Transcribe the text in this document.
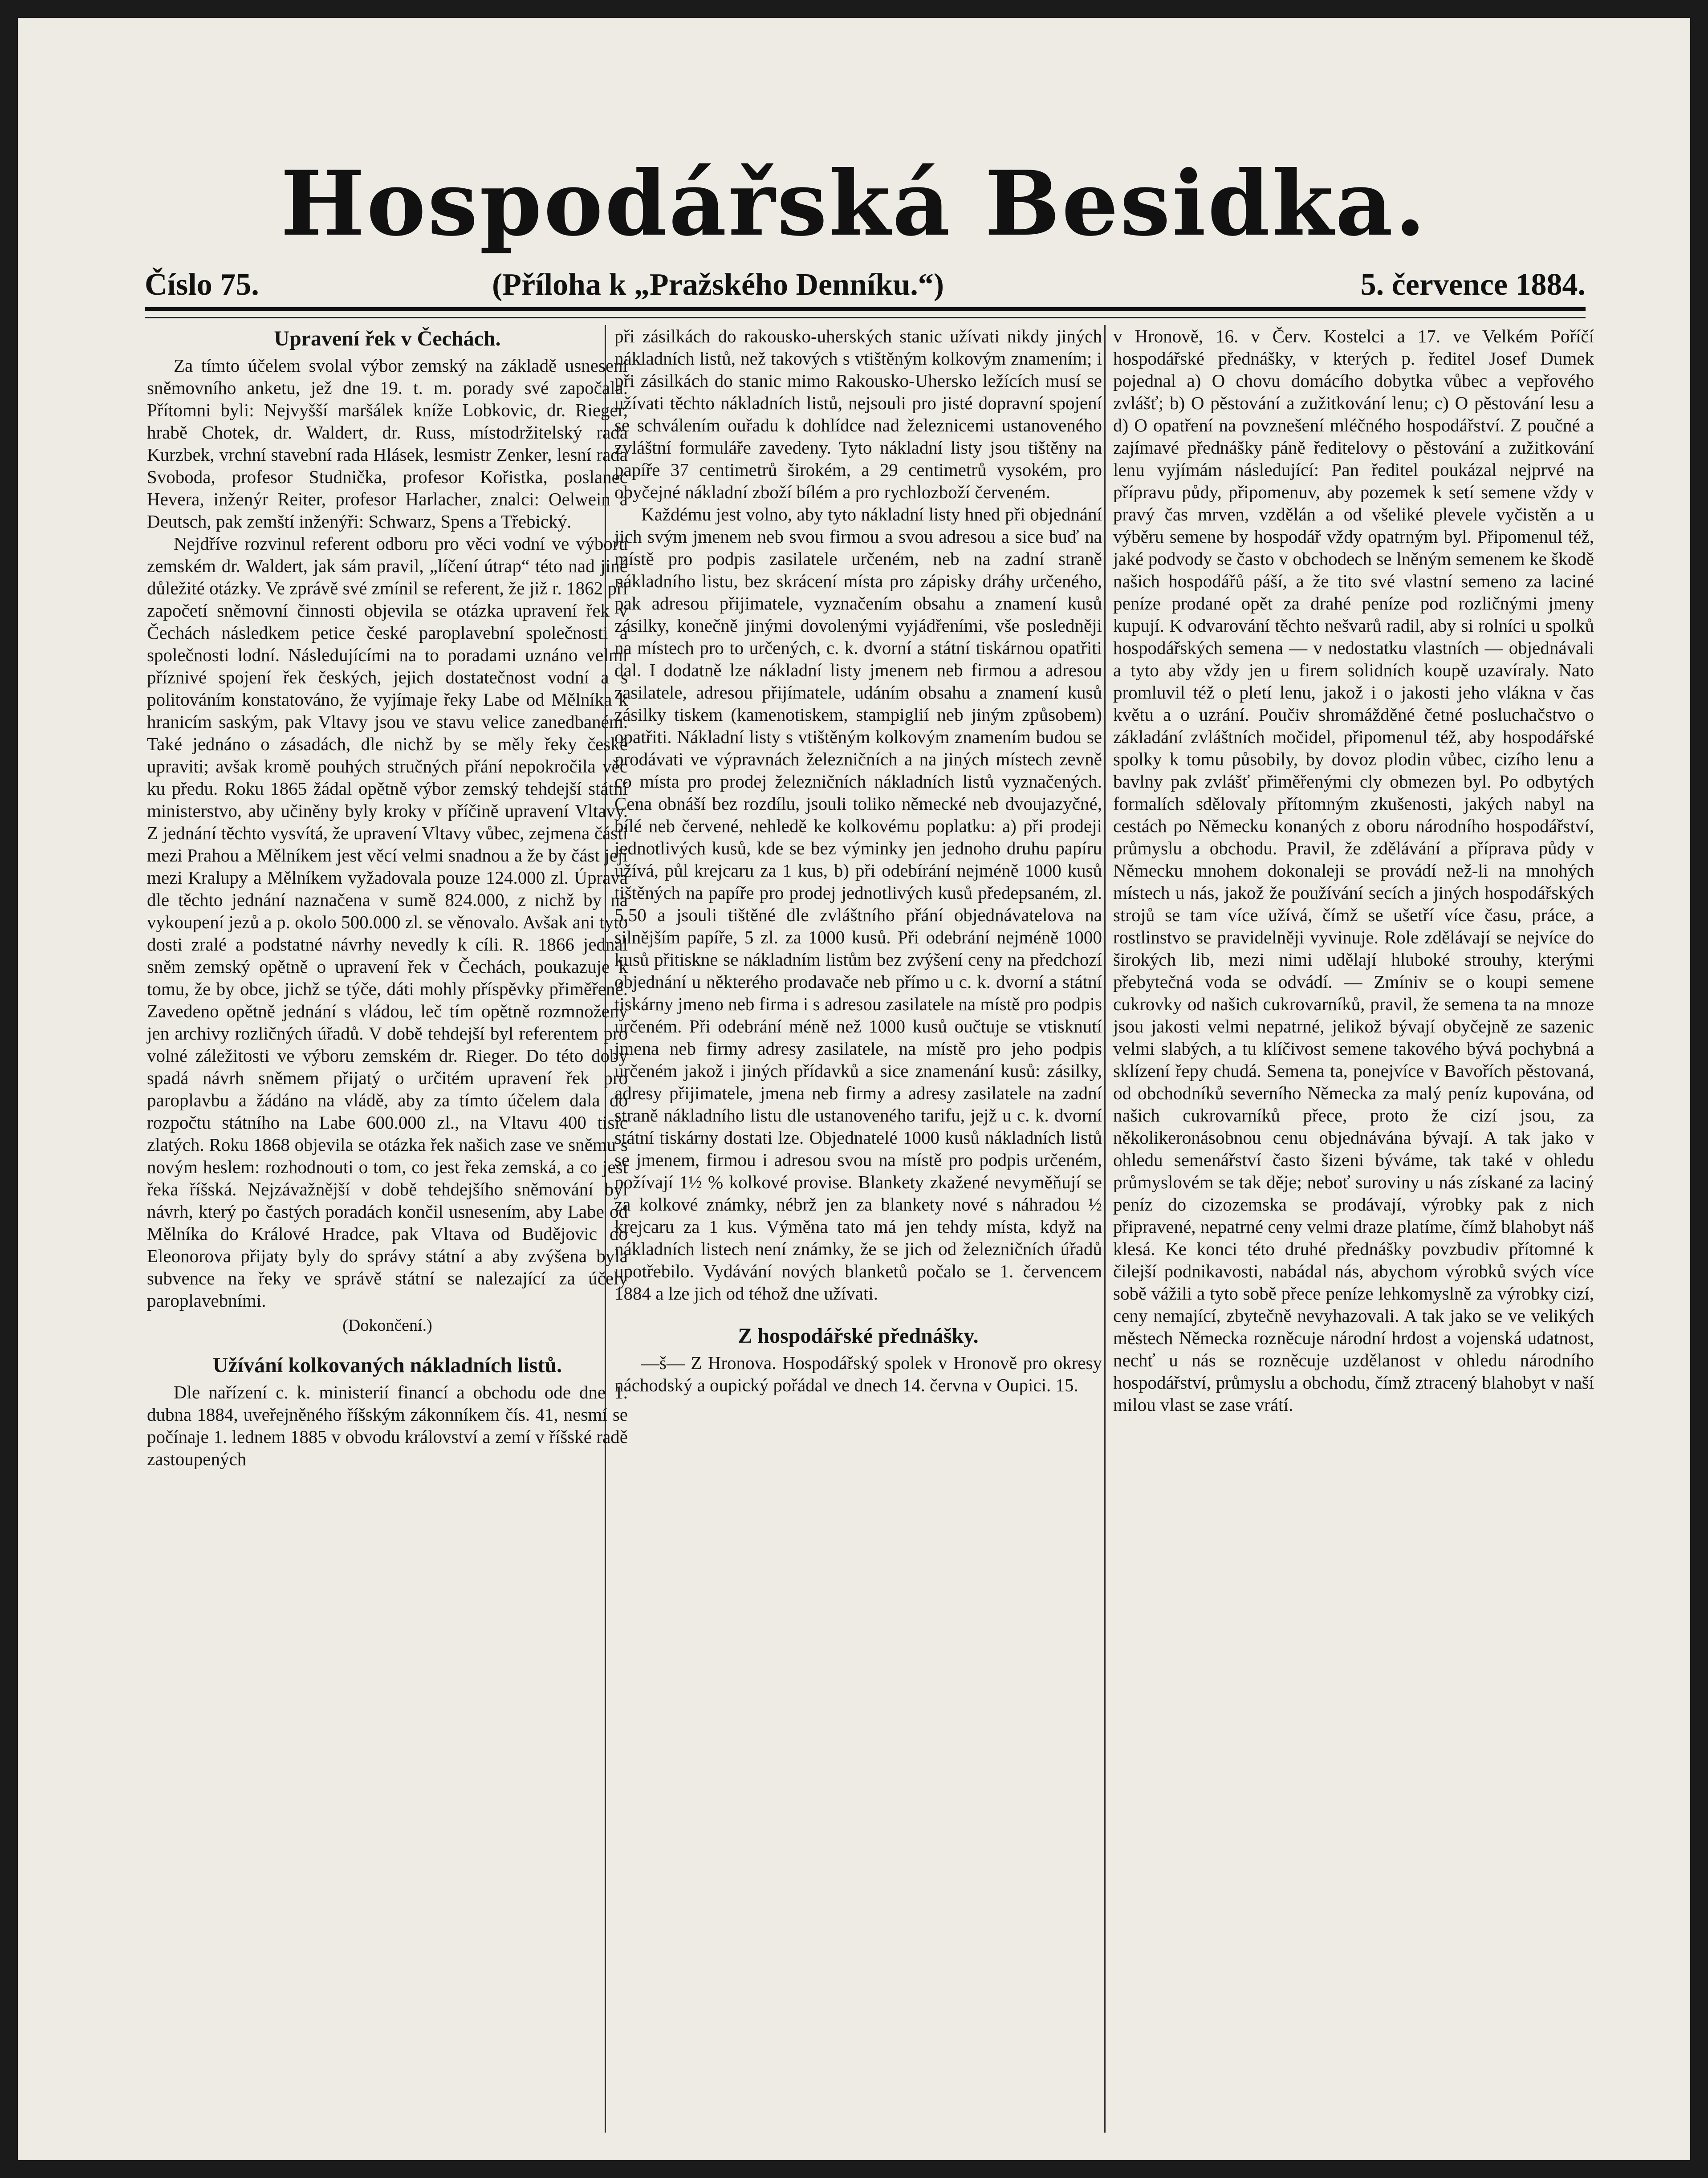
Hospodářská Besidka.
Číslo 75.	(Příloha k „Pražského Denníku.“)	5. července 1884.
Upravení řek v Čechách.

Za tímto účelem svolal výbor zemský na základě usnesení sněmovního anketu, jež dne 19. t. m. porady své započala. Přítomni byli: Nejvyšší maršálek kníže Lobkovic, dr. Rieger, hrabě Chotek, dr. Waldert, dr. Russ, místodržitelský rada Kurzbek, vrchní stavební rada Hlásek, lesmistr Zenker, lesní rada Svoboda, profesor Studnička, profesor Kořistka, poslanec Hevera, inženýr Reiter, profesor Harlacher, znalci: Oelwein a Deutsch, pak zemští inženýři: Schwarz, Spens a Třebický.

Nejdříve rozvinul referent odboru pro věci vodní ve výboru zemském dr. Waldert, jak sám pravil, „líčení útrap“ této nad jiné důležité otázky. Ve zprávě své zmínil se referent, že již r. 1862 při započetí sněmovní činnosti objevila se otázka upravení řek v Čechách následkem petice české paroplavební společnosti a společnosti lodní. Následujícími na to poradami uznáno velmi příznivé spojení řek českých, jejich dostatečnost vodní a s politováním konstatováno, že vyjímaje řeky Labe od Mělníka k hranicím saským, pak Vltavy jsou ve stavu velice zanedbaném. Také jednáno o zásadách, dle nichž by se měly řeky české upraviti; avšak kromě pouhých stručných přání nepokročila věc ku předu. Roku 1865 žádal opětně výbor zemský tehdejší státní ministerstvo, aby učiněny byly kroky v příčině upravení Vltavy. Z jednání těchto vysvítá, že upravení Vltavy vůbec, zejmena části mezi Prahou a Mělníkem jest věcí velmi snadnou a že by část její mezi Kralupy a Mělníkem vyžadovala pouze 124.000 zl. Úprava dle těchto jednání naznačena v sumě 824.000, z nichž by na vykoupení jezů a p. okolo 500.000 zl. se věnovalo. Avšak ani tyto dosti zralé a podstatné návrhy nevedly k cíli. R. 1866 jednal sněm zemský opětně o upravení řek v Čechách, poukazuje k tomu, že by obce, jichž se týče, dáti mohly příspěvky přiměřené. Zavedeno opětně jednání s vládou, leč tím opětně rozmnoženy jen archivy rozličných úřadů. V době tehdejší byl referentem pro volné záležitosti ve výboru zemském dr. Rieger. Do této doby spadá návrh sněmem přijatý o určitém upravení řek pro paroplavbu a žádáno na vládě, aby za tímto účelem dala do rozpočtu státního na Labe 600.000 zl., na Vltavu 400 tisíc zlatých. Roku 1868 objevila se otázka řek našich zase ve sněmu s novým heslem: rozhodnouti o tom, co jest řeka zemská, a co jest řeka říšská. Nejzávažnější v době tehdejšího sněmování byl návrh, který po častých poradách končil usnesením, aby Labe od Mělníka do Králové Hradce, pak Vltava od Budějovic do Eleonorova přijaty byly do správy státní a aby zvýšena byla subvence na řeky ve správě státní se nalezající za účely paroplavebními.

(Dokončení.)
Užívání kolkovaných nákladních listů.

Dle nařízení c. k. ministerií financí a obchodu ode dne 1. dubna 1884, uveřejněného říšským zákonníkem čís. 41, nesmí se počínaje 1. lednem 1885 v obvodu království a zemí v říšské radě zastoupených

při zásilkách do rakousko-uherských stanic užívati nikdy jiných nákladních listů, než takových s vtištěným kolkovým znamením; i při zásilkách do stanic mimo Rakousko-Uhersko ležících musí se užívati těchto nákladních listů, nejsouli pro jisté dopravní spojení se schválením ouřadu k dohlídce nad železnicemi ustanoveného zvláštní formuláře zavedeny. Tyto nákladní listy jsou tištěny na papíře 37 centimetrů širokém, a 29 centimetrů vysokém, pro obyčejné nákladní zboží bílém a pro rychlozboží červeném.

Každému jest volno, aby tyto nákladní listy hned při objednání jich svým jmenem neb svou firmou a svou adresou a sice buď na místě pro podpis zasilatele určeném, neb na zadní straně nákladního listu, bez skrácení místa pro zápisky dráhy určeného, pak adresou přijimatele, vyznačením obsahu a znamení kusů zásilky, konečně jinými dovolenými vyjádřeními, vše posledněji na místech pro to určených, c. k. dvorní a státní tiskárnou opatřiti dal. I dodatně lze nákladní listy jmenem neb firmou a adresou zasilatele, adresou přijímatele, udáním obsahu a znamení kusů zásilky tiskem (kamenotiskem, stampiglií neb jiným způsobem) opatřiti. Nákladní listy s vtištěným kolkovým znamením budou se prodávati ve výpravnách železničních a na jiných místech zevně co místa pro prodej železničních nákladních listů vyznačených. Cena obnáší bez rozdílu, jsouli toliko německé neb dvoujazyčné, bílé neb červené, nehledě ke kolkovému poplatku: a) při prodeji jednotlivých kusů, kde se bez výminky jen jednoho druhu papíru užívá, půl krejcaru za 1 kus, b) při odebírání nejméně 1000 kusů tištěných na papíře pro prodej jednotlivých kusů předepsaném, zl. 5.50 a jsouli tištěné dle zvláštního přání objednávatelova na silnějším papíře, 5 zl. za 1000 kusů. Při odebrání nejméně 1000 kusů přitiskne se nákladním listům bez zvýšení ceny na předchozí objednání u některého prodavače neb přímo u c. k. dvorní a státní tiskárny jmeno neb firma i s adresou zasilatele na místě pro podpis určeném. Při odebrání méně než 1000 kusů oučtuje se vtisknutí jmena neb firmy adresy zasilatele, na místě pro jeho podpis určeném jakož i jiných přídavků a sice znamenání kusů: zásilky, adresy přijimatele, jmena neb firmy a adresy zasilatele na zadní straně nákladního listu dle ustanoveného tarifu, jejž u c. k. dvorní státní tiskárny dostati lze. Objednatelé 1000 kusů nákladních listů se jmenem, firmou i adresou svou na místě pro podpis určeném, požívají 1½ % kolkové provise. Blankety zkažené nevyměňují se za kolkové známky, nébrž jen za blankety nové s náhradou ½ krejcaru za 1 kus. Výměna tato má jen tehdy místa, když na nákladních listech není známky, že se jich od železničních úřadů upotřebilo. Vydávání nových blanketů počalo se 1. červencem 1884 a lze jich od téhož dne užívati.

Z hospodářské přednášky.

—š— Z Hronova. Hospodářský spolek v Hronově pro okresy náchodský a oupický pořádal ve dnech 14. června v Oupici. 15.

v Hronově, 16. v Červ. Kostelci a 17. ve Velkém Poříčí hospodářské přednášky, v kterých p. ředitel Josef Dumek pojednal a) O chovu domácího dobytka vůbec a vepřového zvlášť; b) O pěstování a zužitkování lenu; c) O pěstování lesu a d) O opatření na povznešení mléčného hospodářství. Z poučné a zajímavé přednášky páně ředitelovy o pěstování a zužitkování lenu vyjímám následující: Pan ředitel poukázal nejprvé na přípravu půdy, připomenuv, aby pozemek k setí semene vždy v pravý čas mrven, vzdělán a od všeliké plevele vyčistěn a u výběru semene by hospodář vždy opatrným byl. Připomenul též, jaké podvody se často v obchodech se lněným semenem ke škodě našich hospodářů páší, a že tito své vlastní semeno za laciné peníze prodané opět za drahé peníze pod rozličnými jmeny kupují. K odvarování těchto nešvarů radil, aby si rolníci u spolků hospodářských semena — v nedostatku vlastních — objednávali a tyto aby vždy jen u firem solidních koupě uzavíraly. Nato promluvil též o pletí lenu, jakož i o jakosti jeho vlákna v čas květu a o uzrání. Poučiv shromážděné četné posluchačstvo o základání zvláštních močidel, připomenul též, aby hospodářské spolky k tomu působily, by dovoz plodin vůbec, cizího lenu a bavlny pak zvlášť přiměřenými cly obmezen byl. Po odbytých formalích sdělovaly přítomným zkušenosti, jakých nabyl na cestách po Německu konaných z oboru národního hospodářství, průmyslu a obchodu. Pravil, že zdělávání a příprava půdy v Německu mnohem dokonaleji se provádí než-li na mnohých místech u nás, jakož že používání secích a jiných hospodářských strojů se tam více užívá, čímž se ušetří více času, práce, a rostlinstvo se pravidelněji vyvinuje. Role zdělávají se nejvíce do širokých lib, mezi nimi udělají hluboké strouhy, kterými přebytečná voda se odvádí. — Zmíniv se o koupi semene cukrovky od našich cukrovarníků, pravil, že semena ta na mnoze jsou jakosti velmi nepatrné, jelikož bývají obyčejně ze sazenic velmi slabých, a tu klíčivost semene takového bývá pochybná a sklízení řepy chudá. Semena ta, ponejvíce v Bavořích pěstovaná, od obchodníků severního Německa za malý peníz kupována, od našich cukrovarníků přece, proto že cizí jsou, za několikeronásobnou cenu objednávána bývají. A tak jako v ohledu semenářství často šizeni býváme, tak také v ohledu průmyslovém se tak děje; neboť suroviny u nás získané za laciný peníz do cizozemska se prodávají, výrobky pak z nich připravené, nepatrné ceny velmi draze platíme, čímž blahobyt náš klesá. Ke konci této druhé přednášky povzbudiv přítomné k čilejší podnikavosti, nabádal nás, abychom výrobků svých více sobě vážili a tyto sobě přece peníze lehkomyslně za výrobky cizí, ceny nemající, zbytečně nevyhazovali. A tak jako se ve velikých městech Německa rozněcuje národní hrdost a vojenská udatnost, nechť u nás se rozněcuje uzdělanost v ohledu národního hospodářství, průmyslu a obchodu, čímž ztracený blahobyt v naší milou vlast se zase vrátí.
